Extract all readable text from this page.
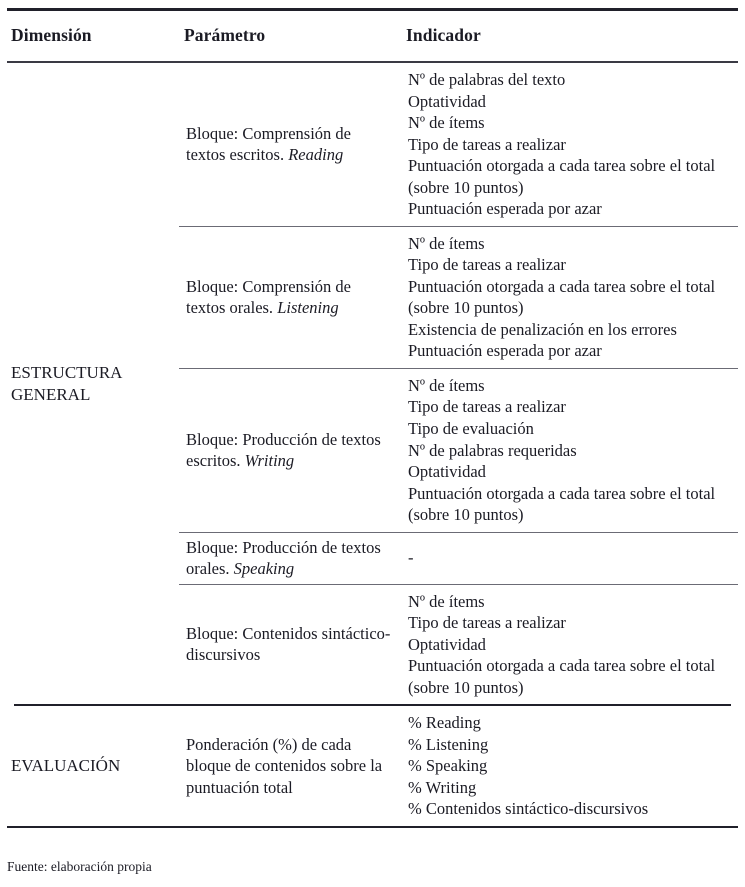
Dimensión	Parámetro	Indicador
ESTRUCTURA
GENERAL
Bloque: Comprensión de textos escritos. Reading
Nº de palabras del texto
Optatividad
Nº de ítems
Tipo de tareas a realizar
Puntuación otorgada a cada tarea sobre el total (sobre 10 puntos)
Puntuación esperada por azar
Bloque: Comprensión de textos orales. Listening
Nº de ítems
Tipo de tareas a realizar
Puntuación otorgada a cada tarea sobre el total (sobre 10 puntos)
Existencia de penalización en los errores
Puntuación esperada por azar
Bloque: Producción de textos escritos. Writing
Nº de ítems
Tipo de tareas a realizar
Tipo de evaluación
Nº de palabras requeridas
Optatividad
Puntuación otorgada a cada tarea sobre el total (sobre 10 puntos)
Bloque: Producción de textos orales. Speaking
-
Bloque: Contenidos sintáctico-discursivos
Nº de ítems
Tipo de tareas a realizar
Optatividad
Puntuación otorgada a cada tarea sobre el total (sobre 10 puntos)
EVALUACIÓN
Ponderación (%) de cada bloque de contenidos sobre la puntuación total
% Reading
% Listening
% Speaking
% Writing
% Contenidos sintáctico-discursivos
Fuente: elaboración propia
